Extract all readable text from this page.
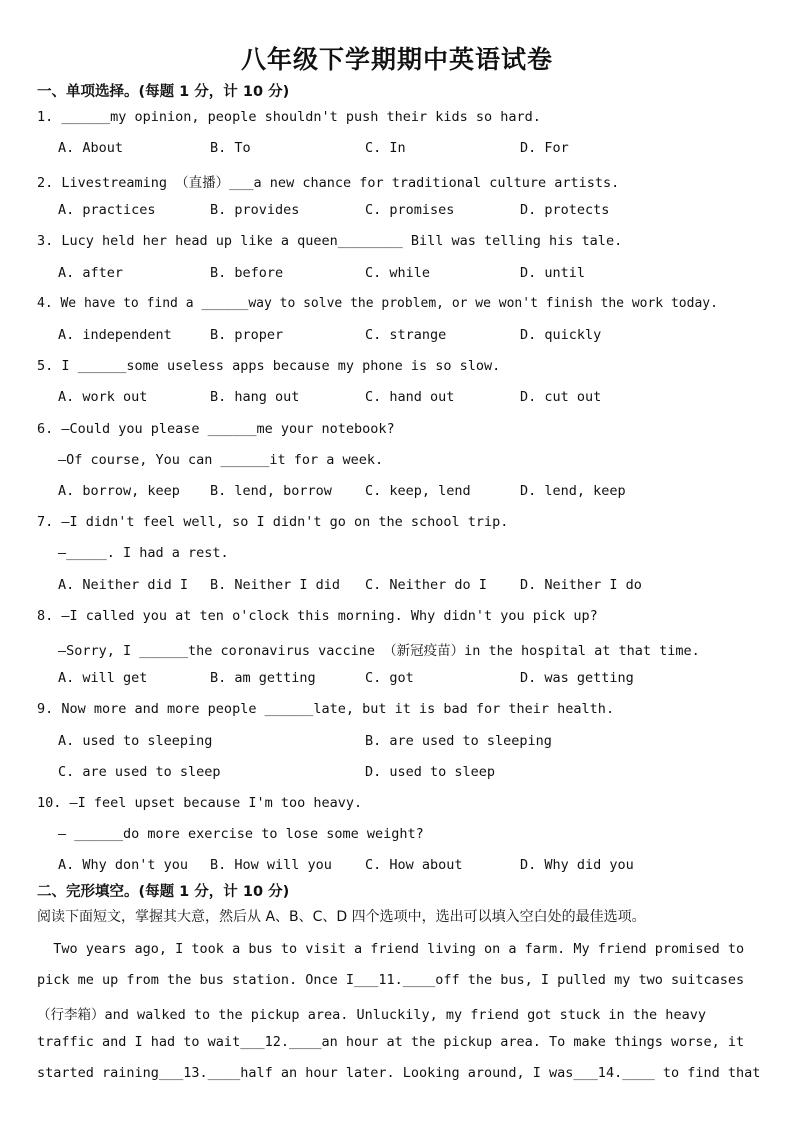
八年级下学期期中英语试卷
一、单项选择。(每题 1 分，计 10 分)
1. ______my opinion, people shouldn't push their kids so hard.
A. About	B. To	C. In	D. For
2. Livestreaming （直播）___a new chance for traditional culture artists.
A. practices	B. provides	C. promises	D. protects
3. Lucy held her head up like a queen________ Bill was telling his tale.
A. after	B. before	C. while	D. until
4. We have to find a ______way to solve the problem, or we won't finish the work today.
A. independent	B. proper	C. strange	D. quickly
5. I ______some useless apps because my phone is so slow.
A. work out	B. hang out	C. hand out	D. cut out
6. —Could you please ______me your notebook?
—Of course, You can ______it for a week.
A. borrow, keep B. lend, borrow C. keep, lend	D. lend, keep
7. —I didn't feel well, so I didn't go on the school trip.
—_____. I had a rest.
A. Neither did I B. Neither I did C. Neither do I D. Neither I do
8. —I called you at ten o'clock this morning. Why didn't you pick up?
—Sorry, I ______the coronavirus vaccine （新冠疫苗）in the hospital at that time.
A. will get	B. am getting	C. got	D. was getting
9. Now more and more people ______late, but it is bad for their health.
A. used to sleeping	B. are used to sleeping
C. are used to sleep	D. used to sleep
10. —I feel upset because I'm too heavy.
— ______do more exercise to lose some weight?
A. Why don't you B. How will you C. How about	D. Why did you
二、完形填空。(每题 1 分，计 10 分)
阅读下面短文，掌握其大意，然后从 A、B、C、D 四个选项中，选出可以填入空白处的最佳选项。
Two years ago, I took a bus to visit a friend living on a farm. My friend promised to
pick me up from the bus station. Once I___11.____off the bus, I pulled my two suitcases
（行李箱）and walked to the pickup area. Unluckily, my friend got stuck in the heavy
traffic and I had to wait___12.____an hour at the pickup area. To make things worse, it
started raining___13.____half an hour later. Looking around, I was___14.____ to find that
